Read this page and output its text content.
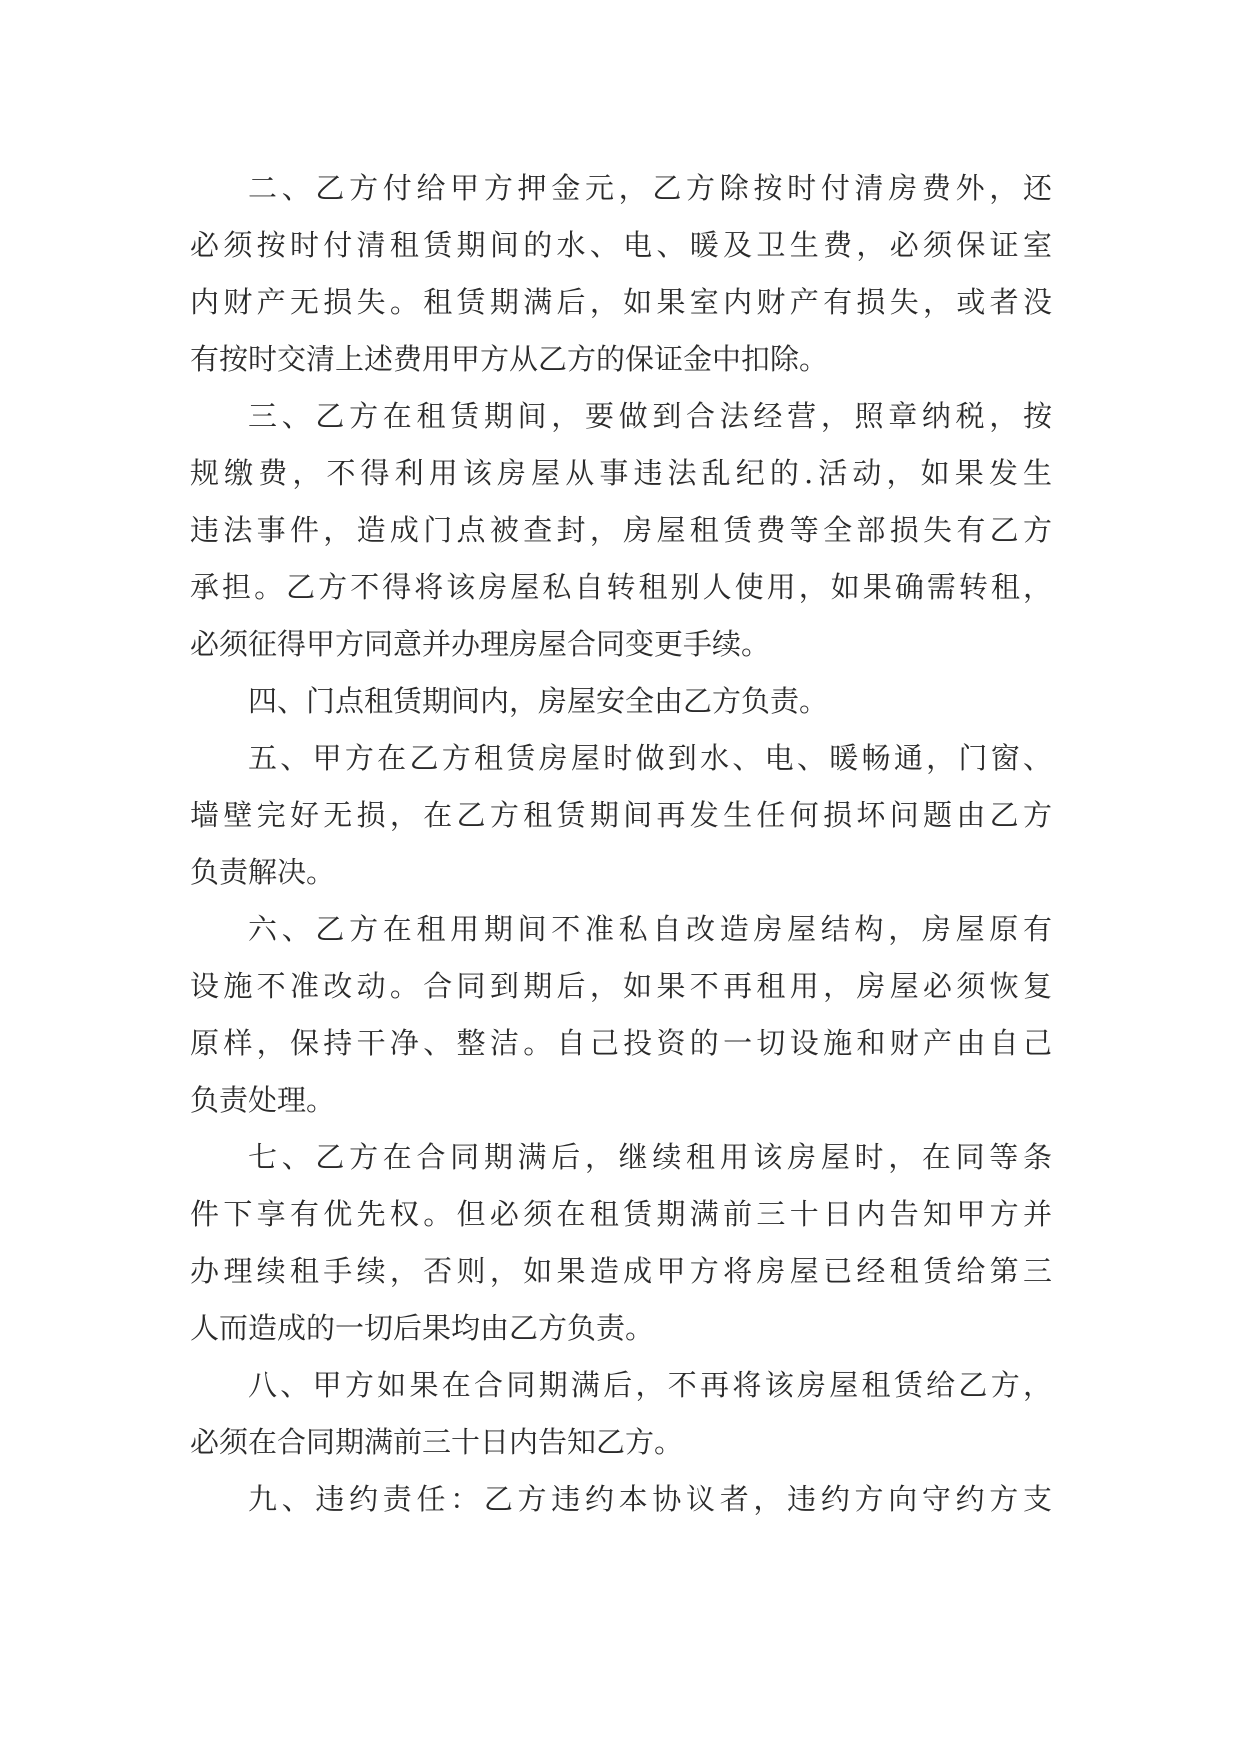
二、乙方付给甲方押金元，乙方除按时付清房费外，还
必须按时付清租赁期间的水、电、暖及卫生费，必须保证室
内财产无损失。租赁期满后，如果室内财产有损失，或者没
有按时交清上述费用甲方从乙方的保证金中扣除。
三、乙方在租赁期间，要做到合法经营，照章纳税，按
规缴费，不得利用该房屋从事违法乱纪的.活动，如果发生
违法事件，造成门点被查封，房屋租赁费等全部损失有乙方
承担。乙方不得将该房屋私自转租别人使用，如果确需转租，
必须征得甲方同意并办理房屋合同变更手续。
四、门点租赁期间内，房屋安全由乙方负责。
五、甲方在乙方租赁房屋时做到水、电、暖畅通，门窗、
墙壁完好无损，在乙方租赁期间再发生任何损坏问题由乙方
负责解决。
六、乙方在租用期间不准私自改造房屋结构，房屋原有
设施不准改动。合同到期后，如果不再租用，房屋必须恢复
原样，保持干净、整洁。自己投资的一切设施和财产由自己
负责处理。
七、乙方在合同期满后，继续租用该房屋时，在同等条
件下享有优先权。但必须在租赁期满前三十日内告知甲方并
办理续租手续，否则，如果造成甲方将房屋已经租赁给第三
人而造成的一切后果均由乙方负责。
八、甲方如果在合同期满后，不再将该房屋租赁给乙方，
必须在合同期满前三十日内告知乙方。
九、违约责任：乙方违约本协议者，违约方向守约方支
